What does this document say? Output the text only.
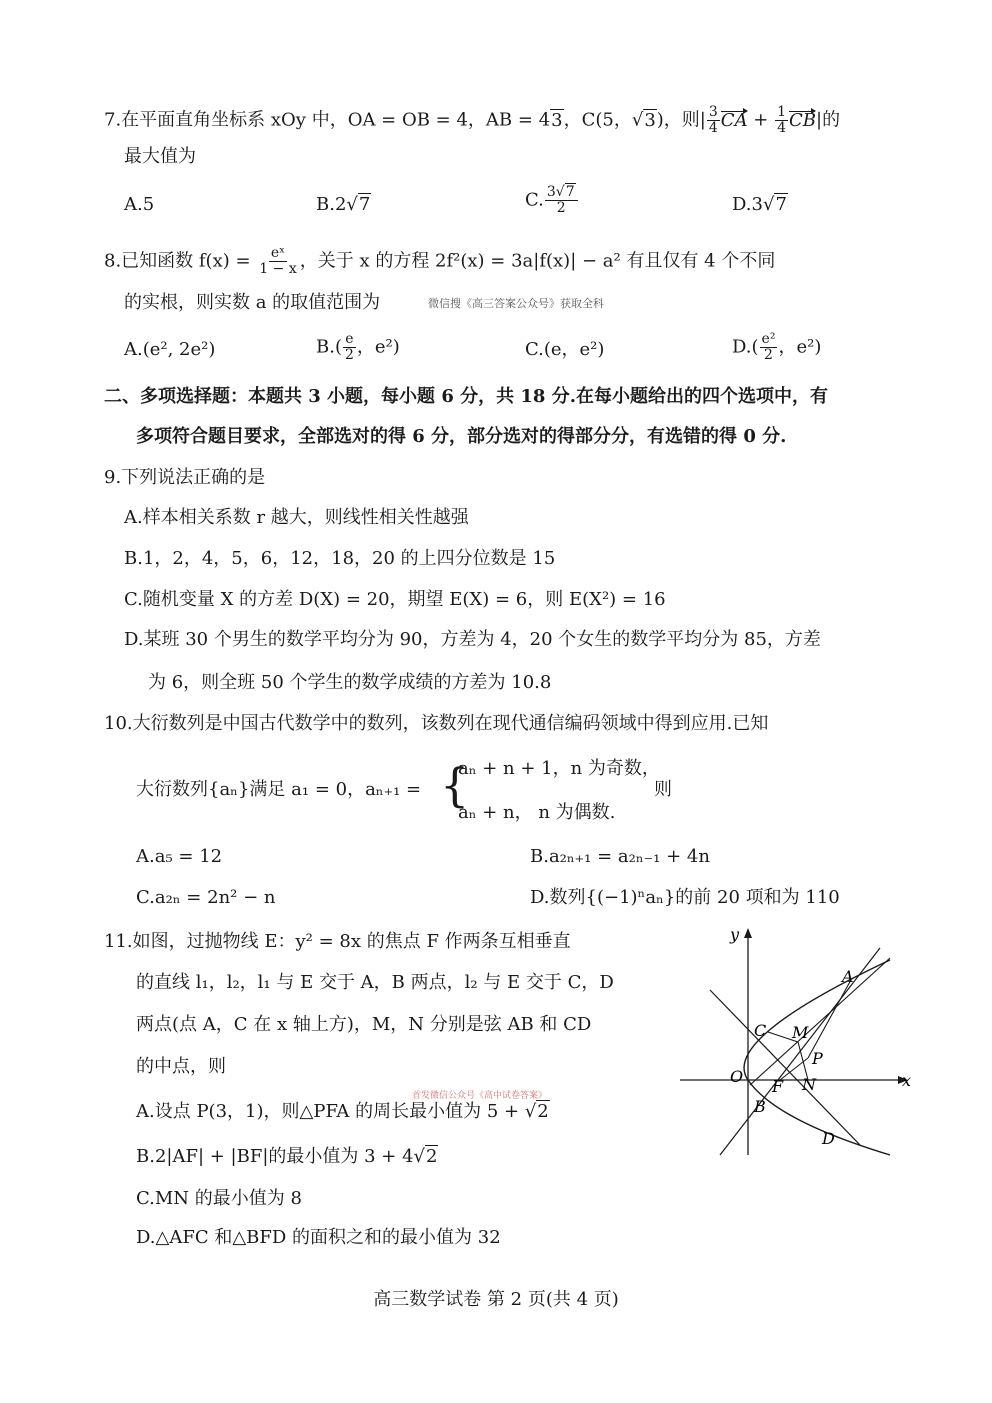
7.在平面直角坐标系 xOy 中，OA = OB = 4，AB = 43，C(5，√3)，则| $\frac{3}{4}$ CA + $\frac{1}{4} CB|$的
最大值为
A.5	B.2√7	C. $\frac{3√7}{2}$	D.3√7
8.已知函数 $f(x) = \frac{\text{eˣ}}{1 - x}$ ，关于 x 的方程 2f²(x) = 3a|f(x)| − a² 有且仅有 4 个不同
的实根，则实数 a 的取值范围为	微信搜《高三答案公众号》获取全科
A.(e², 2e²)	$B.( \frac{e}{2}$ ，e²)	C.(e，e²)	$D.( \frac{\text{e²}}{2}$ ，e²)
二、多项选择题：本题共 3 小题，每小题 6 分，共 18 分.在每小题给出的四个选项中，有
多项符合题目要求，全部选对的得 6 分，部分选对的得部分分，有选错的得 0 分.
9.下列说法正确的是
A.样本相关系数 r 越大，则线性相关性越强
B.1，2，4，5，6，12，18，20 的上四分位数是 15
C.随机变量 X 的方差 D(X) = 20，期望 E(X) = 6，则 E(X²) = 16
D.某班 30 个男生的数学平均分为 90，方差为 4，20 个女生的数学平均分为 85，方差
为 6，则全班 50 个学生的数学成绩的方差为 10.8
10.大衍数列是中国古代数学中的数列，该数列在现代通信编码领域中得到应用.已知
大衍数列{aₙ}满足 a₁ = 0，aₙ₊₁ = {
aₙ + n + 1，n 为奇数，
aₙ + n， n 为偶数.
则
A.a₅ = 12	B.a₂ₙ₊₁ = a₂ₙ₋₁ + 4n
C.a₂ₙ = 2n² − n	D.数列{(−1)ⁿaₙ}的前 20 项和为 110
11.如图，过抛物线 E：y² = 8x 的焦点 F 作两条互相垂直
的直线 l₁，l₂，l₁ 与 E 交于 A，B 两点，l₂ 与 E 交于 C，D
两点(点 A，C 在 x 轴上方)，M，N 分别是弦 AB 和 CD
的中点，则
首发微信公众号《高中试卷答案》
A.设点 P(3，1)，则△PFA 的周长最小值为 5 + √2
B.2|AF| + |BF|的最小值为 3 + 4√2
C.MN 的最小值为 8
D.△AFC 和△BFD 的面积之和的最小值为 32
y
x
O
A
C M
P
F N
B
D
高三数学试卷 第 2 页(共 4 页)
